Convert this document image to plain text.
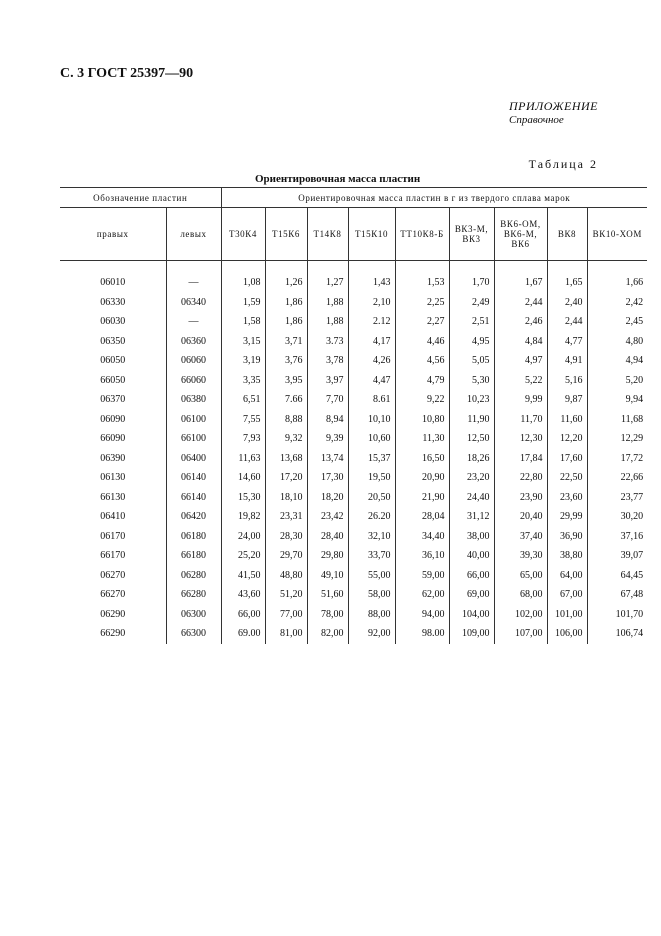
С. 3 ГОСТ 25397—90
ПРИЛОЖЕНИЕ
Справочное
Таблица 2
Ориентировочная масса пластин
Обозначение пластин		Ориентировочная масса пластин в г из твердого сплава марок								
правых	левых	Т30К4	Т15К6	Т14К8	Т15К10	ТТ10К8-Б	ВК3-М, ВК3	ВК6-ОМ, ВК6-М, ВК6	ВК8	ВК10-ХОМ
06010	—	1,08	1,26	1,27	1,43	1,53	1,70	1,67	1,65	1,66
06330	06340	1,59	1,86	1,88	2,10	2,25	2,49	2,44	2,40	2,42
06030	—	1,58	1,86	1,88	2.12	2,27	2,51	2,46	2,44	2,45
06350	06360	3,15	3,71	3.73	4,17	4,46	4,95	4,84	4,77	4,80
06050	06060	3,19	3,76	3,78	4,26	4,56	5,05	4,97	4,91	4,94
66050	66060	3,35	3,95	3,97	4,47	4,79	5,30	5,22	5,16	5,20
06370	06380	6,51	7.66	7,70	8.61	9,22	10,23	9,99	9,87	9,94
06090	06100	7,55	8,88	8,94	10,10	10,80	11,90	11,70	11,60	11,68
66090	66100	7,93	9,32	9,39	10,60	11,30	12,50	12,30	12,20	12,29
06390	06400	11,63	13,68	13,74	15,37	16,50	18,26	17,84	17,60	17,72
06130	06140	14,60	17,20	17,30	19,50	20,90	23,20	22,80	22,50	22,66
66130	66140	15,30	18,10	18,20	20,50	21,90	24,40	23,90	23,60	23,77
06410	06420	19,82	23,31	23,42	26.20	28,04	31,12	20,40	29,99	30,20
06170	06180	24,00	28,30	28,40	32,10	34,40	38,00	37,40	36,90	37,16
66170	66180	25,20	29,70	29,80	33,70	36,10	40,00	39,30	38,80	39,07
06270	06280	41,50	48,80	49,10	55,00	59,00	66,00	65,00	64,00	64,45
66270	66280	43,60	51,20	51,60	58,00	62,00	69,00	68,00	67,00	67,48
06290	06300	66,00	77,00	78,00	88,00	94,00	104,00	102,00	101,00	101,70
66290	66300	69.00	81,00	82,00	92,00	98.00	109,00	107,00	106,00	106,74
